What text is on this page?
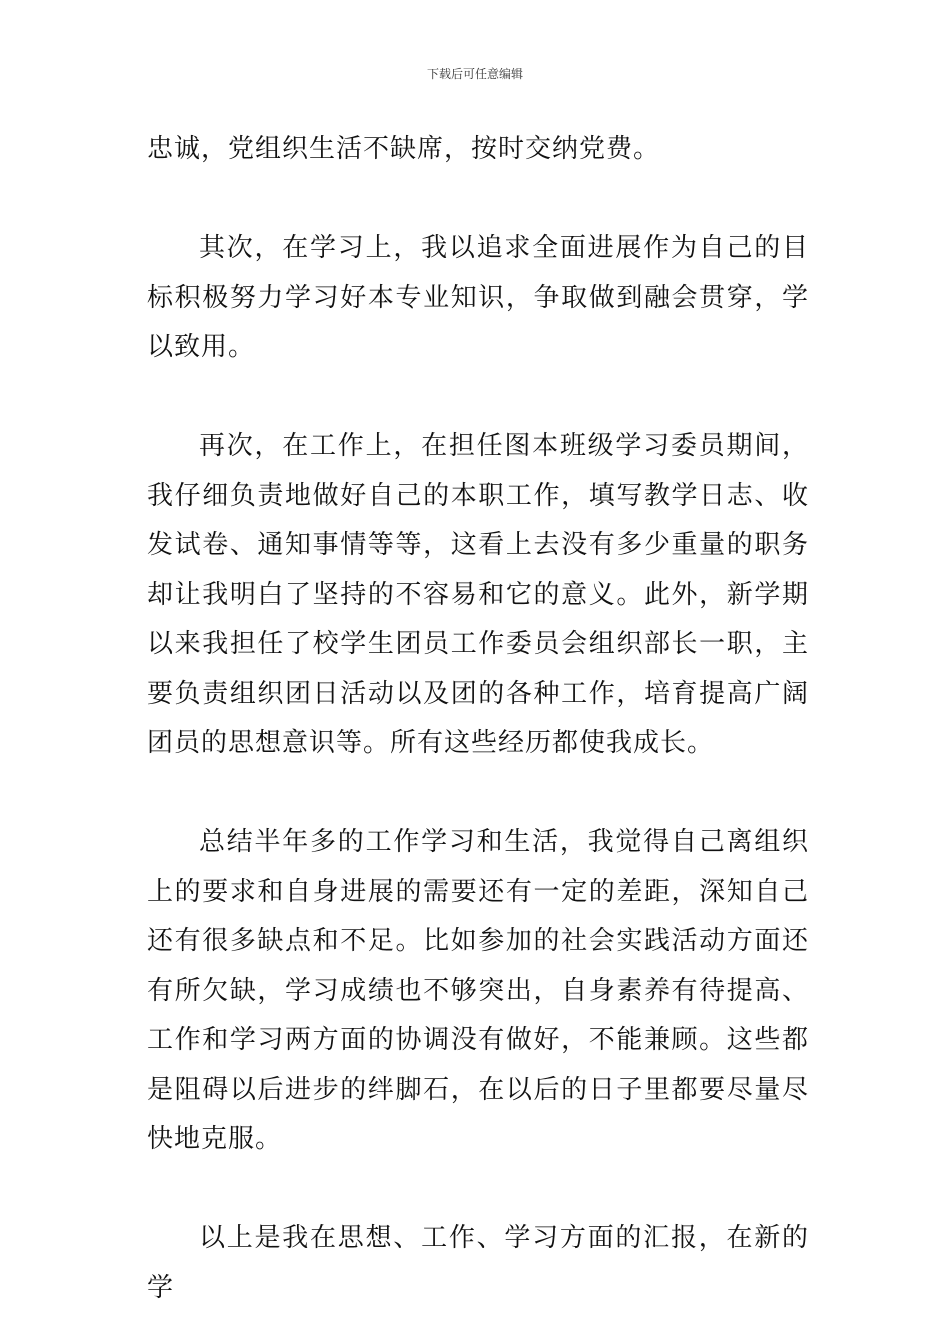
下载后可任意编辑

忠诚，党组织生活不缺席，按时交纳党费。

其次，在学习上，我以追求全面进展作为自己的目标积极努力学习好本专业知识，争取做到融会贯穿，学以致用。

再次，在工作上，在担任图本班级学习委员期间，我仔细负责地做好自己的本职工作，填写教学日志、收发试卷、通知事情等等，这看上去没有多少重量的职务却让我明白了坚持的不容易和它的意义。此外，新学期以来我担任了校学生团员工作委员会组织部长一职，主要负责组织团日活动以及团的各种工作，培育提高广阔团员的思想意识等。所有这些经历都使我成长。

总结半年多的工作学习和生活，我觉得自己离组织上的要求和自身进展的需要还有一定的差距，深知自己还有很多缺点和不足。比如参加的社会实践活动方面还有所欠缺，学习成绩也不够突出，自身素养有待提高、工作和学习两方面的协调没有做好，不能兼顾。这些都是阻碍以后进步的绊脚石，在以后的日子里都要尽量尽快地克服。

以上是我在思想、工作、学习方面的汇报，在新的学
